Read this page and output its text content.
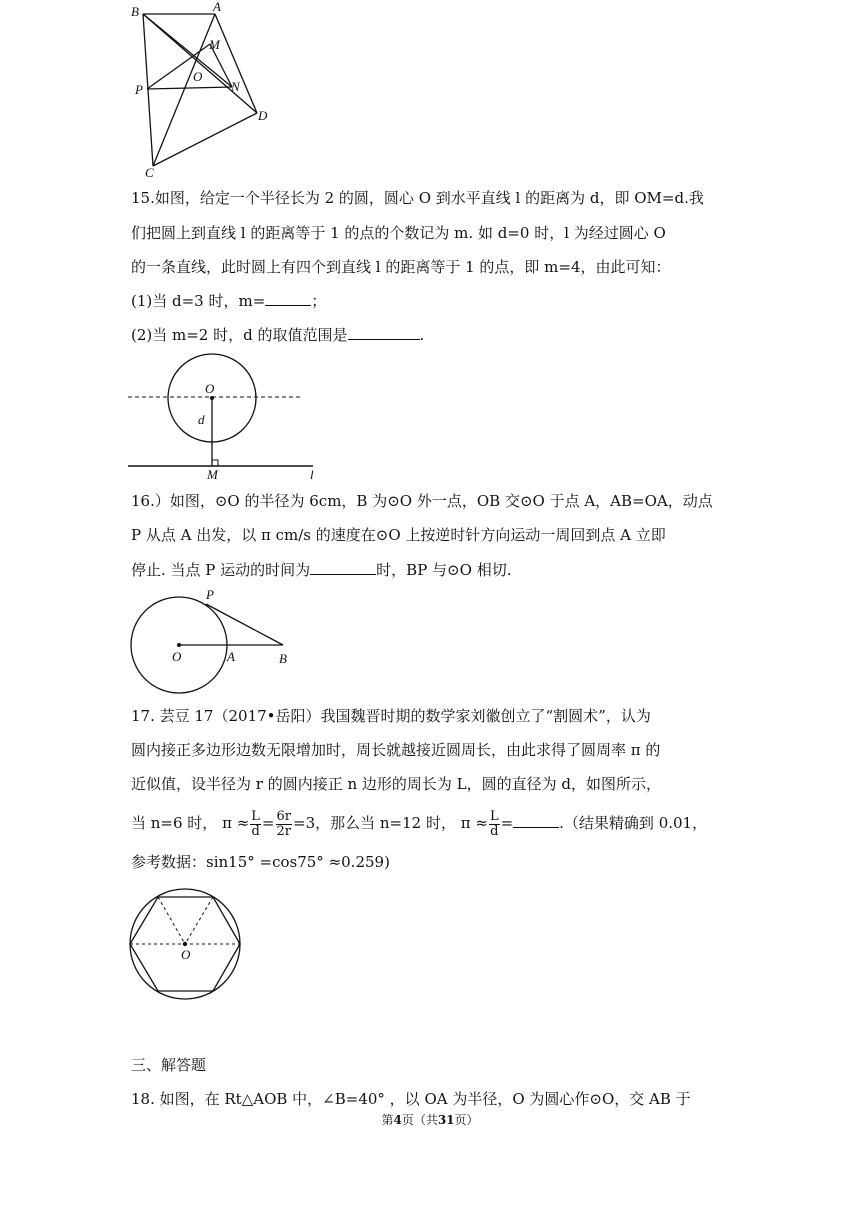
B	A
M
O
P	N
D
C
15.如图，给定一个半径长为 2 的圆，圆心 O 到水平直线 l 的距离为 d，即 OM=d.我
们把圆上到直线 l 的距离等于 1 的点的个数记为 m. 如 d=0 时，l 为经过圆心 O
的一条直线，此时圆上有四个到直线 l 的距离等于 1 的点，即 m=4，由此可知：
(1)当 d=3 时，m=	；
(2)当 m=2 时，d 的取值范围是	.
O
d
M	l
16.）如图，⊙O 的半径为 6cm，B 为⊙O 外一点，OB 交⊙O 于点 A，AB=OA，动点
P 从点 A 出发，以 π cm/s 的速度在⊙O 上按逆时针方向运动一周回到点 A 立即
停止. 当点 P 运动的时间为	时，BP 与⊙O 相切.
P
O	A	B
17. 芸豆 17（2017•岳阳）我国魏晋时期的数学家刘徽创立了“割圆术”，认为
圆内接正多边形边数无限增加时，周长就越接近圆周长，由此求得了圆周率 π 的
近似值，设半径为 r 的圆内接正 n 边形的周长为 L，圆的直径为 d，如图所示，
当 n=6 时， $\pi \approx \frac{L}{d} = \frac{6r}{2r} =3$，那么当 n=12 时， $\pi \approx \frac{L}{d}$ =	.（结果精确到 0.01，
参考数据：sin15° =cos75° ≈0.259)
O
三、解答题
18. 如图，在 Rt△AOB 中，∠B=40° ，以 OA 为半径，O 为圆心作⊙O，交 AB 于
第4页（共31页）
